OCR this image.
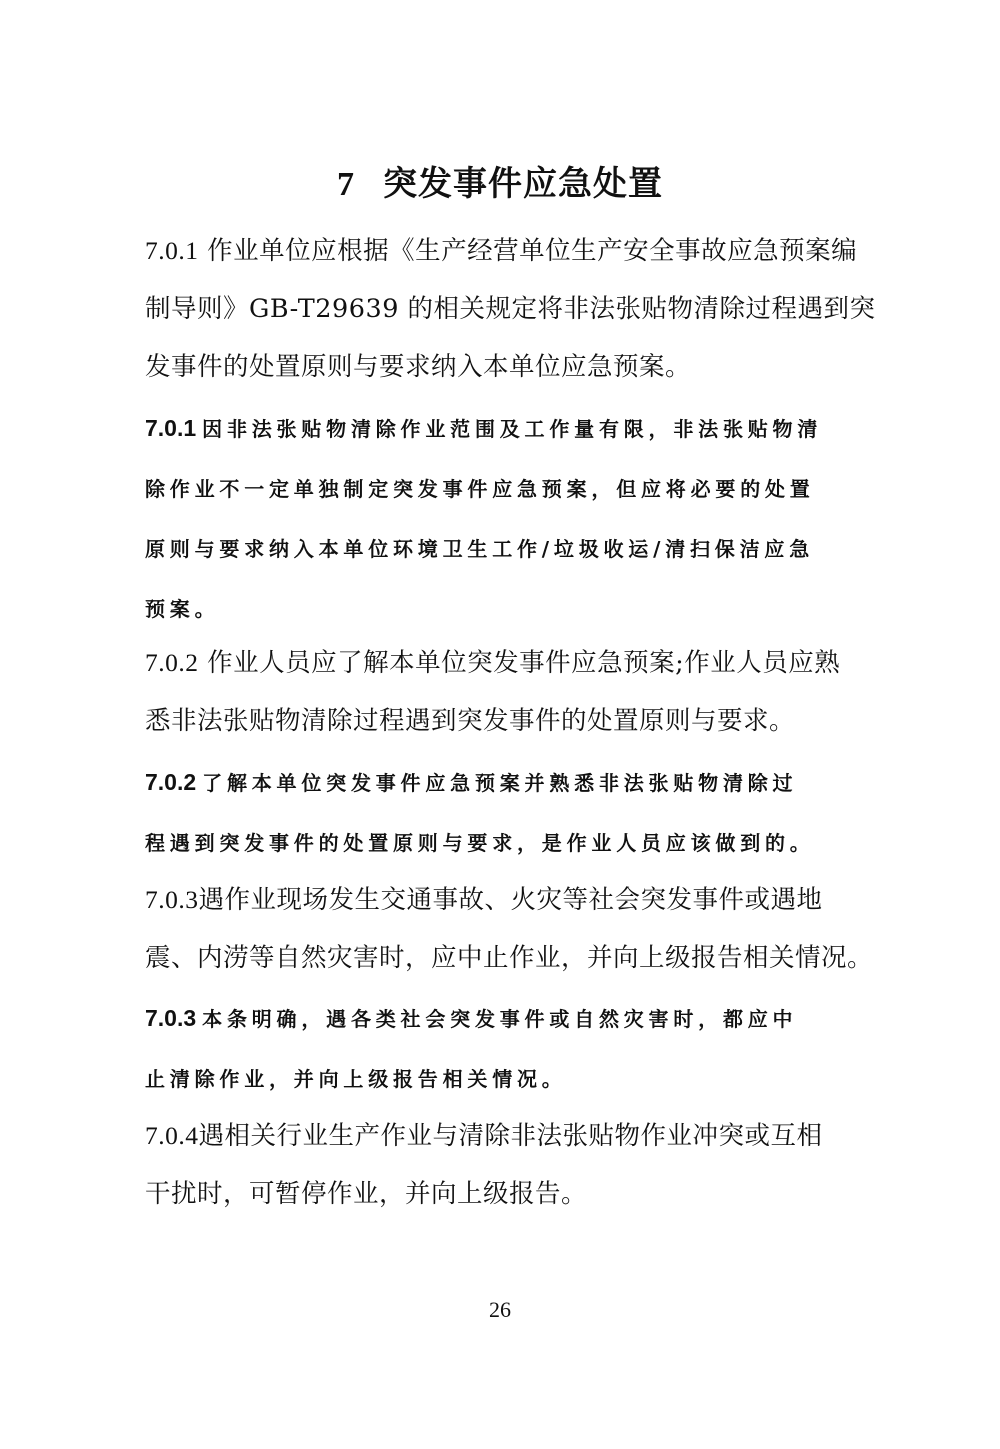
7 突发事件应急处置

7.0.1 作业单位应根据《生产经营单位生产安全事故应急预案编
制导则》GB-T29639 的相关规定将非法张贴物清除过程遇到突
发事件的处置原则与要求纳入本单位应急预案。

7.0.1 因非法张贴物清除作业范围及工作量有限，非法张贴物清
除作业不一定单独制定突发事件应急预案，但应将必要的处置
原则与要求纳入本单位环境卫生工作/垃圾收运/清扫保洁应急
预案。

7.0.2 作业人员应了解本单位突发事件应急预案;作业人员应熟
悉非法张贴物清除过程遇到突发事件的处置原则与要求。

7.0.2 了解本单位突发事件应急预案并熟悉非法张贴物清除过
程遇到突发事件的处置原则与要求，是作业人员应该做到的。

7.0.3遇作业现场发生交通事故、火灾等社会突发事件或遇地
震、内涝等自然灾害时，应中止作业，并向上级报告相关情况。

7.0.3 本条明确，遇各类社会突发事件或自然灾害时，都应中
止清除作业，并向上级报告相关情况。

7.0.4遇相关行业生产作业与清除非法张贴物作业冲突或互相
干扰时，可暂停作业，并向上级报告。

26
